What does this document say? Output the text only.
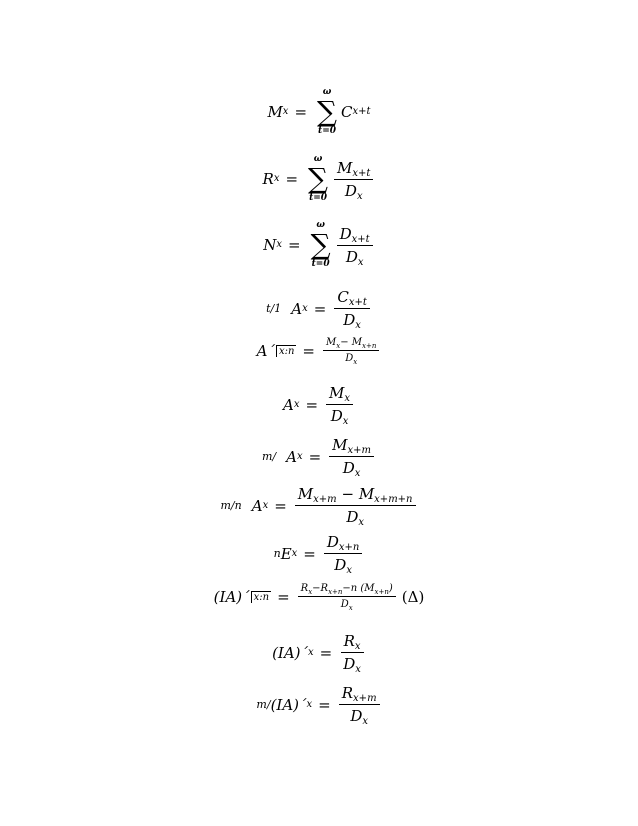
M x =
ω
∑
t=0
C x+t
R x =
ω
∑
$t=0 \frac{M_{x+t}}{D_x}$
N x =
ω
∑
$t=0 \frac{D_{x+t}}{D_x}$
t/1 A $x = \frac{C_{x+t}}{D_x}$
A΄ x:n = $\frac{M_x- M_{x+n}}{D_x}$
A $x = \frac{M_x}{D_x}$
m/ A $x = \frac{M_{x+m}}{D_x}$
m/n A $x = \frac{M_{x+m} - M_{x+m+n}}{D_x}$
n E $x = \frac{D_{x+n}}{D_x}$
(IA)΄ x:n = $\frac{R_x-R_{x+n}-n (M_{x+n})}{D_x} (\Delta)$
(IA)΄ $x = \frac{R_x}{D_x}$
m/ (IA)΄ $x = \frac{R_{x+m}}{D_x}$
